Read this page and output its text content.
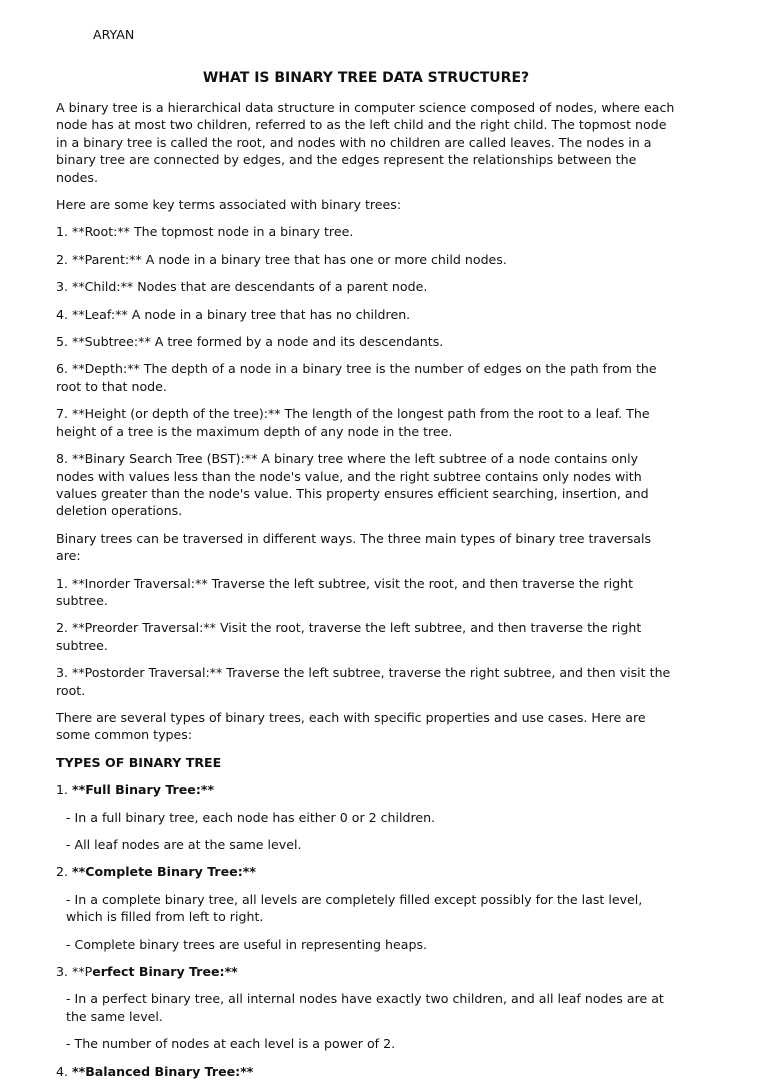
ARYAN
WHAT IS BINARY TREE DATA STRUCTURE?

A binary tree is a hierarchical data structure in computer science composed of nodes, where each node has at most two children, referred to as the left child and the right child. The topmost node in a binary tree is called the root, and nodes with no children are called leaves. The nodes in a binary tree are connected by edges, and the edges represent the relationships between the nodes.

Here are some key terms associated with binary trees:

1. **Root:** The topmost node in a binary tree.

2. **Parent:** A node in a binary tree that has one or more child nodes.

3. **Child:** Nodes that are descendants of a parent node.

4. **Leaf:** A node in a binary tree that has no children.

5. **Subtree:** A tree formed by a node and its descendants.

6. **Depth:** The depth of a node in a binary tree is the number of edges on the path from the root to that node.

7. **Height (or depth of the tree):** The length of the longest path from the root to a leaf. The height of a tree is the maximum depth of any node in the tree.

8. **Binary Search Tree (BST):** A binary tree where the left subtree of a node contains only nodes with values less than the node's value, and the right subtree contains only nodes with values greater than the node's value. This property ensures efficient searching, insertion, and deletion operations.

Binary trees can be traversed in different ways. The three main types of binary tree traversals are:

1. **Inorder Traversal:** Traverse the left subtree, visit the root, and then traverse the right subtree.

2. **Preorder Traversal:** Visit the root, traverse the left subtree, and then traverse the right subtree.

3. **Postorder Traversal:** Traverse the left subtree, traverse the right subtree, and then visit the root.

There are several types of binary trees, each with specific properties and use cases. Here are some common types:

TYPES OF BINARY TREE

1. **Full Binary Tree:**

- In a full binary tree, each node has either 0 or 2 children.

- All leaf nodes are at the same level.

2. **Complete Binary Tree:**

- In a complete binary tree, all levels are completely filled except possibly for the last level, which is filled from left to right.

- Complete binary trees are useful in representing heaps.

3. **Perfect Binary Tree:**

- In a perfect binary tree, all internal nodes have exactly two children, and all leaf nodes are at the same level.

- The number of nodes at each level is a power of 2.

4. **Balanced Binary Tree:**
